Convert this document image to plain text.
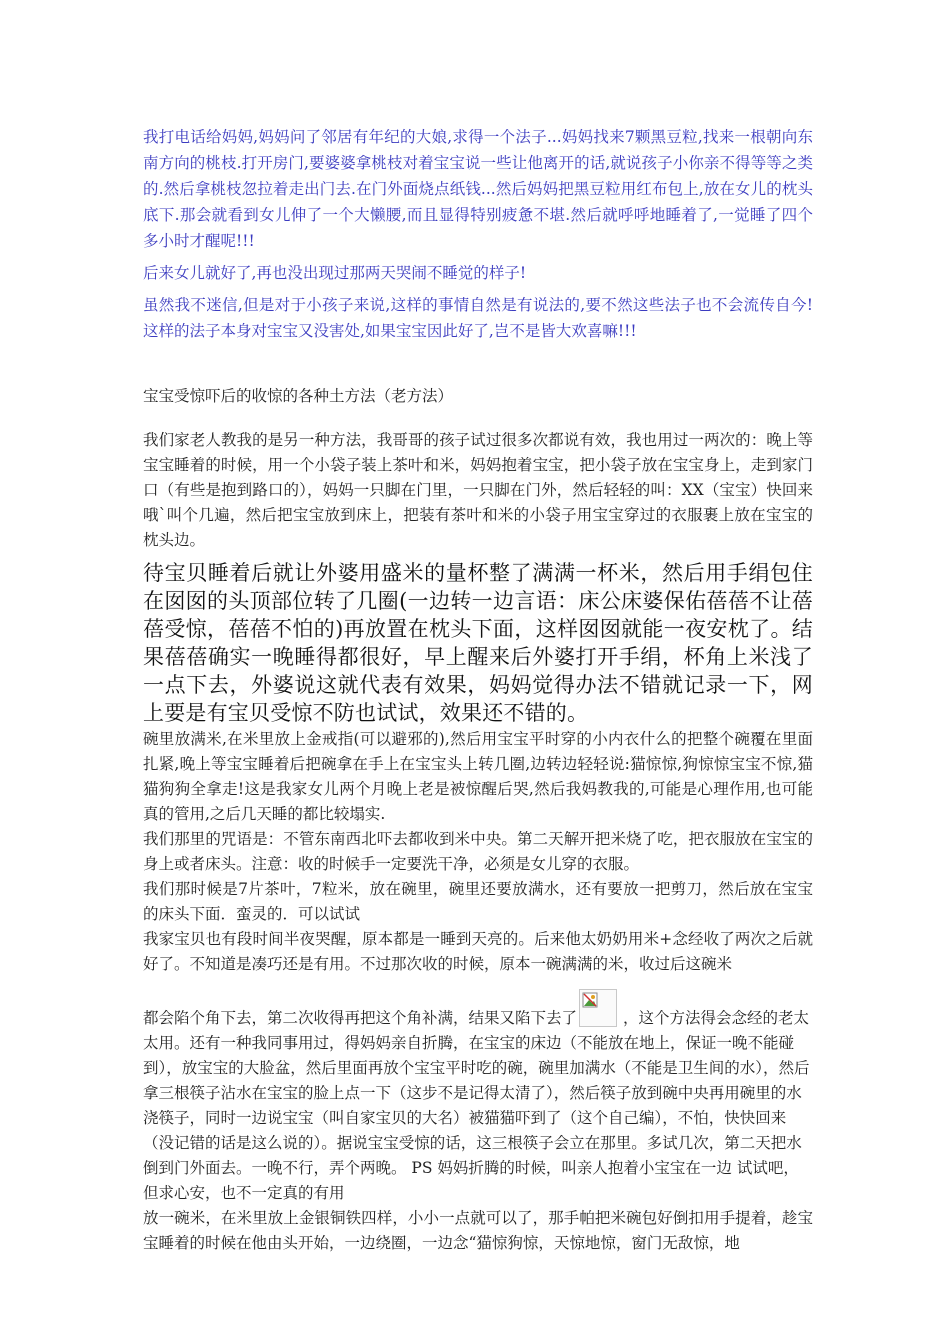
我打电话给妈妈,妈妈问了邻居有年纪的大娘,求得一个法子...妈妈找来7颗黑豆粒,找来一根朝向东南方向的桃枝.打开房门,要婆婆拿桃枝对着宝宝说一些让他离开的话,就说孩子小你亲不得等等之类的.然后拿桃枝忽拉着走出门去.在门外面烧点纸钱...然后妈妈把黑豆粒用红布包上,放在女儿的枕头底下.那会就看到女儿伸了一个大懒腰,而且显得特别疲惫不堪.然后就呼呼地睡着了,一觉睡了四个多小时才醒呢!!!

后来女儿就好了,再也没出现过那两天哭闹不睡觉的样子!

虽然我不迷信,但是对于小孩子来说,这样的事情自然是有说法的,要不然这些法子也不会流传自今!这样的法子本身对宝宝又没害处,如果宝宝因此好了,岂不是皆大欢喜嘛!!!

宝宝受惊吓后的收惊的各种土方法（老方法）

我们家老人教我的是另一种方法，我哥哥的孩子试过很多次都说有效，我也用过一两次的：晚上等宝宝睡着的时候，用一个小袋子装上茶叶和米，妈妈抱着宝宝，把小袋子放在宝宝身上，走到家门口（有些是抱到路口的），妈妈一只脚在门里，一只脚在门外，然后轻轻的叫：XX（宝宝）快回来哦`叫个几遍，然后把宝宝放到床上，把装有茶叶和米的小袋子用宝宝穿过的衣服裹上放在宝宝的枕头边。

待宝贝睡着后就让外婆用盛米的量杯整了满满一杯米，然后用手绢包住在囡囡的头顶部位转了几圈(一边转一边言语：床公床婆保佑蓓蓓不让蓓蓓受惊，蓓蓓不怕的)再放置在枕头下面，这样囡囡就能一夜安枕了。结果蓓蓓确实一晚睡得都很好，早上醒来后外婆打开手绢，杯角上米浅了一点下去，外婆说这就代表有效果，妈妈觉得办法不错就记录一下，网上要是有宝贝受惊不防也试试，效果还不错的。

碗里放满米,在米里放上金戒指(可以避邪的),然后用宝宝平时穿的小内衣什么的把整个碗覆在里面扎紧,晚上等宝宝睡着后把碗拿在手上在宝宝头上转几圈,边转边轻轻说:猫惊惊,狗惊惊宝宝不惊,猫猫狗狗全拿走!这是我家女儿两个月晚上老是被惊醒后哭,然后我妈教我的,可能是心理作用,也可能真的管用,之后几天睡的都比较塌实.

我们那里的咒语是：不管东南西北吓去都收到米中央。第二天解开把米烧了吃，把衣服放在宝宝的身上或者床头。注意：收的时候手一定要洗干净，必须是女儿穿的衣服。

我们那时候是7片茶叶，7粒米，放在碗里，碗里还要放满水，还有要放一把剪刀，然后放在宝宝的床头下面．蛮灵的．可以试试

我家宝贝也有段时间半夜哭醒，原本都是一睡到天亮的。后来他太奶奶用米+念经收了两次之后就好了。不知道是凑巧还是有用。不过那次收的时候，原本一碗满满的米，收过后这碗米

都会陷个角下去，第二次收得再把这个角补满，结果又陷下去了	，这个方法得会念经的老太太用。还有一种我同事用过，得妈妈亲自折腾，在宝宝的床边（不能放在地上，保证一晚不能碰到），放宝宝的大脸盆，然后里面再放个宝宝平时吃的碗，碗里加满水（不能是卫生间的水），然后拿三根筷子沾水在宝宝的脸上点一下（这步不是记得太清了），然后筷子放到碗中央再用碗里的水浇筷子，同时一边说宝宝（叫自家宝贝的大名）被猫猫吓到了（这个自己编），不怕，快快回来（没记错的话是这么说的）。据说宝宝受惊的话，这三根筷子会立在那里。多试几次，第二天把水倒到门外面去。一晚不行，弄个两晚。 PS 妈妈折腾的时候，叫亲人抱着小宝宝在一边 试试吧，但求心安，也不一定真的有用

放一碗米，在米里放上金银铜铁四样，小小一点就可以了，那手帕把米碗包好倒扣用手提着，趁宝宝睡着的时候在他由头开始，一边绕圈，一边念“猫惊狗惊，天惊地惊，窗门无敌惊，地
